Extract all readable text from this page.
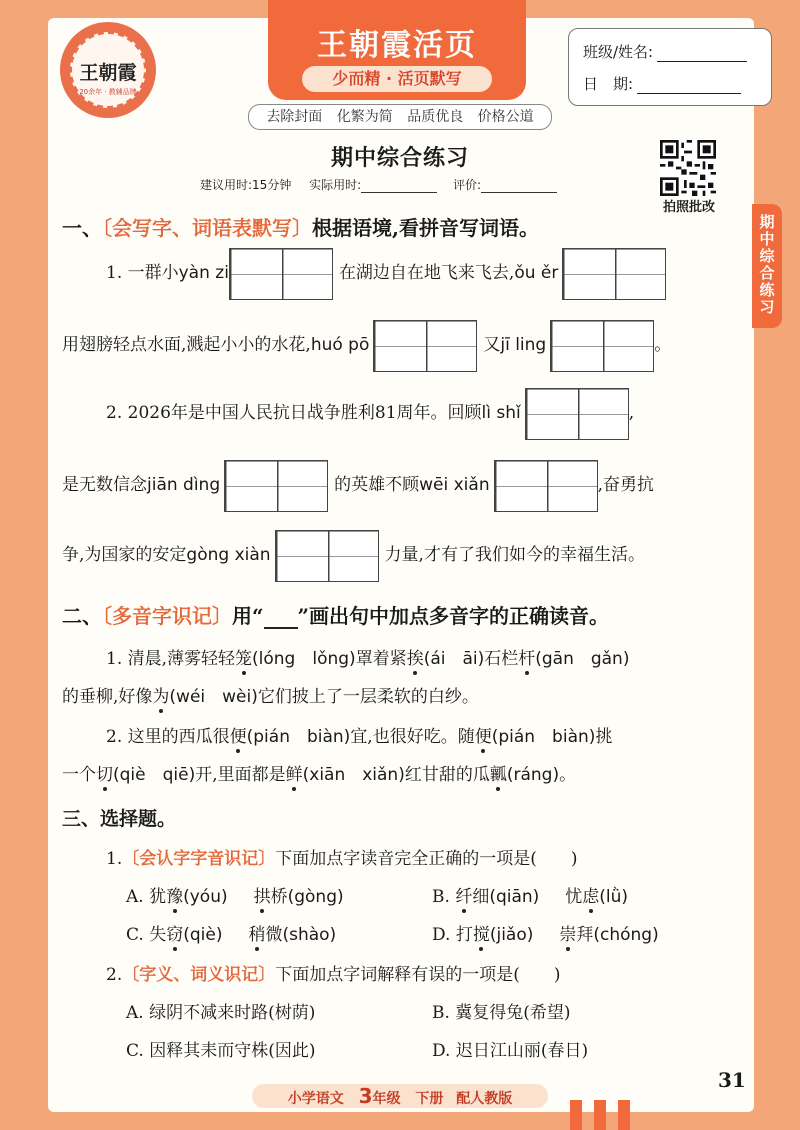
王朝霞
20余年 · 教辅品牌
王朝霞活页
少而精 · 活页默写
去除封面 化繁为简 品质优良 价格公道
班级/姓名:
日　期:
拍照批改
期中综合练习
期中综合练习
建议用时:15分钟 实际用时:	评价:
一、〔会写字、词语表默写〕根据语境,看拼音写词语。
1. 一群小yàn zi	在湖边自在地飞来飞去,ǒu ěr
用翅膀轻点水面,溅起小小的水花,huó pō	又jī ling	。
2. 2026年是中国人民抗日战争胜利81周年。回顾lì shǐ	,
是无数信念jiān dìng	的英雄不顾wēi xiǎn	,奋勇抗
争,为国家的安定gòng xiàn	力量,才有了我们如今的幸福生活。
二、〔多音字识记〕用“ ”画出句中加点多音字的正确读音。
1. 清晨,薄雾轻轻笼(lóng　lǒng)罩着紧挨(ái　āi)石栏杆(gān　gǎn)
的垂柳,好像为(wéi　wèi)它们披上了一层柔软的白纱。
2. 这里的西瓜很便(pián　biàn)宜,也很好吃。随便(pián　biàn)挑
一个切(qiè　qiē)开,里面都是鲜(xiān　xiǎn)红甘甜的瓜瓤(ráng)。
三、选择题。
1.〔会认字字音识记〕下面加点字读音完全正确的一项是(　　)
A. 犹豫(yóu) 拱桥(gòng)	B. 纤细(qiān) 忧虑(lǜ)
C. 失窃(qiè) 稍微(shào)	D. 打搅(jiǎo) 崇拜(chóng)
2.〔字义、词义识记〕下面加点字词解释有误的一项是(　　)
A. 绿阴不减来时路(树荫)	B. 冀复得兔(希望)
C. 因释其耒而守株(因此)	D. 迟日江山丽(春日)
小学语文 3年级 下册 配人教版
31
